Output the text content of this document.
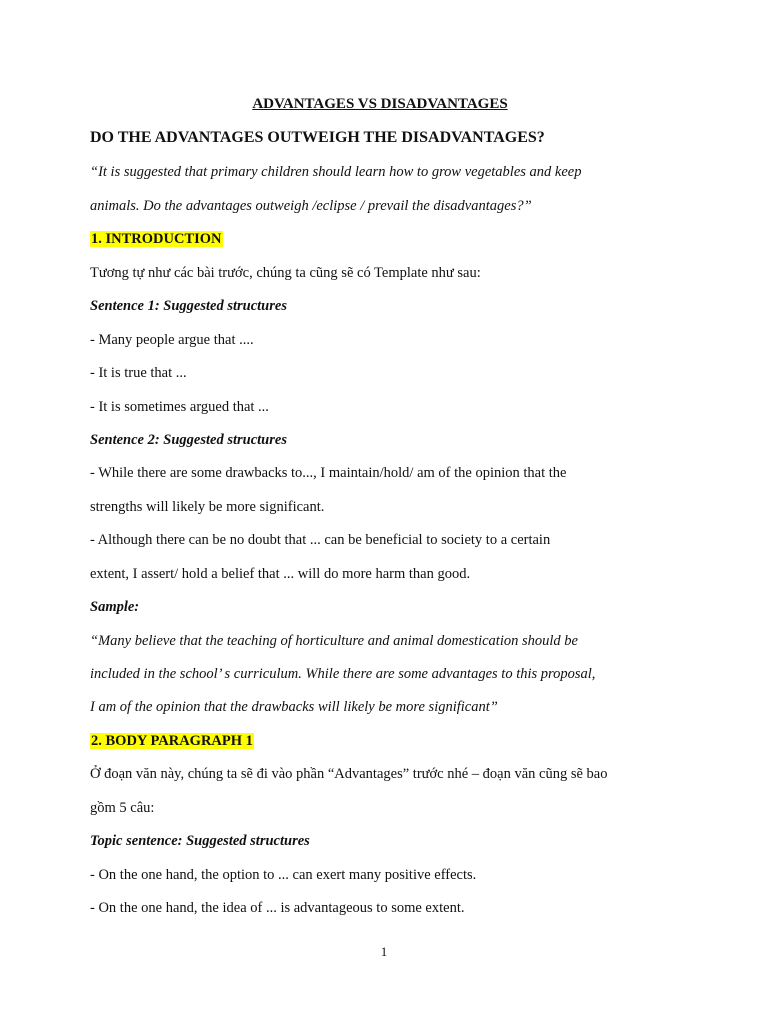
ADVANTAGES VS DISADVANTAGES
DO THE ADVANTAGES OUTWEIGH THE DISADVANTAGES?
“It is suggested that primary children should learn how to grow vegetables and keep
animals. Do the advantages outweigh /eclipse / prevail the disadvantages?”
1. INTRODUCTION
Tương tự như các bài trước, chúng ta cũng sẽ có Template như sau:
Sentence 1: Suggested structures
- Many people argue that ....
- It is true that ...
- It is sometimes argued that ...
Sentence 2: Suggested structures
- While there are some drawbacks to..., I maintain/hold/ am of the opinion that the
strengths will likely be more significant.
- Although there can be no doubt that ... can be beneficial to society to a certain
extent, I assert/ hold a belief that ... will do more harm than good.
Sample:
“Many believe that the teaching of horticulture and animal domestication should be
included in the school’ s curriculum. While there are some advantages to this proposal,
I am of the opinion that the drawbacks will likely be more significant”
2. BODY PARAGRAPH 1
Ở đoạn văn này, chúng ta sẽ đi vào phần “Advantages” trước nhé – đoạn văn cũng sẽ bao
gồm 5 câu:
Topic sentence: Suggested structures
- On the one hand, the option to ... can exert many positive effects.
- On the one hand, the idea of ... is advantageous to some extent.
1
